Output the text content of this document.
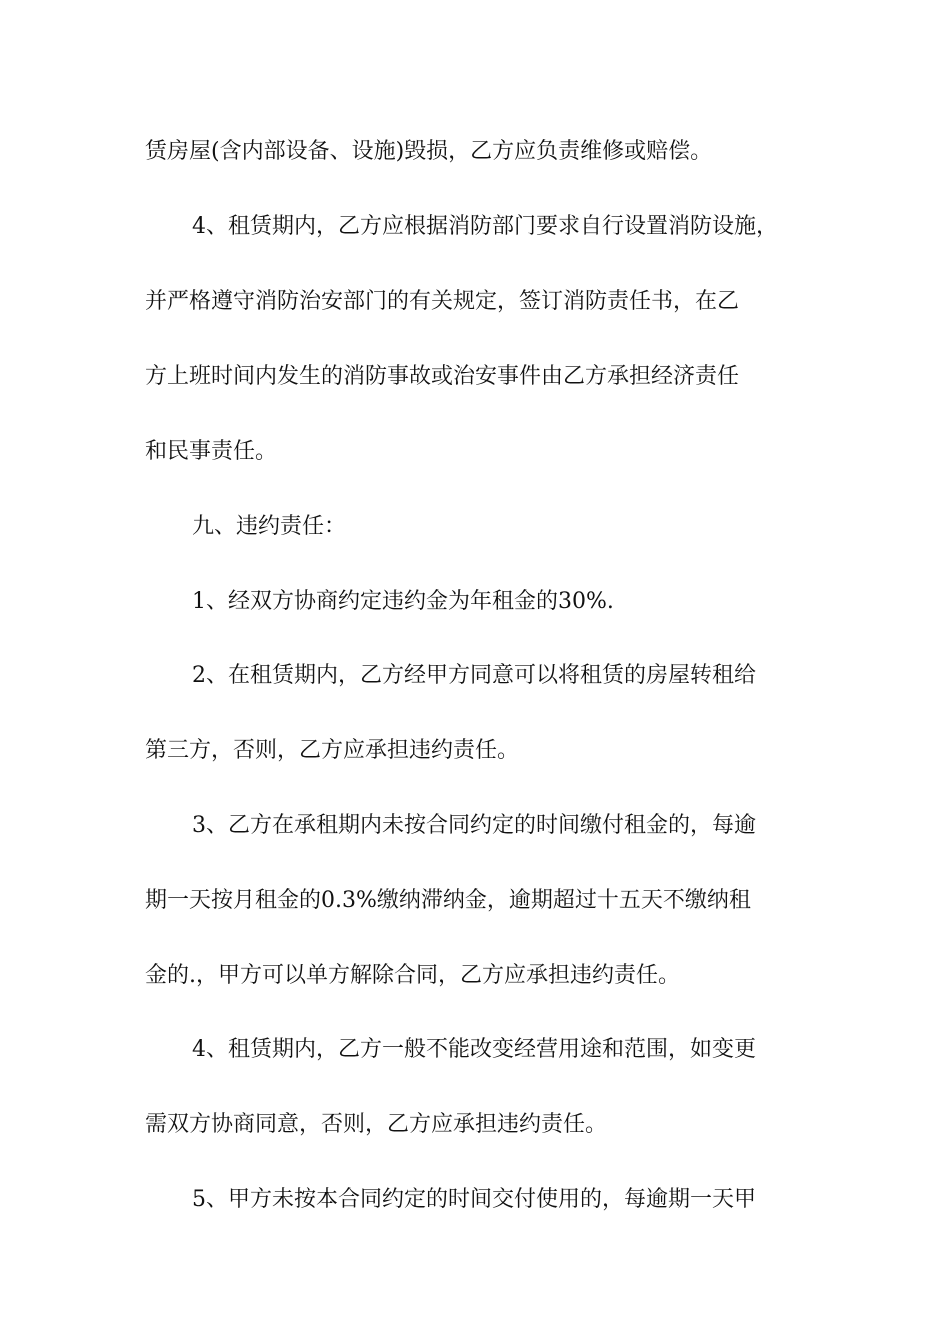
赁房屋(含内部设备、设施)毁损，乙方应负责维修或赔偿。
4、租赁期内，乙方应根据消防部门要求自行设置消防设施，
并严格遵守消防治安部门的有关规定，签订消防责任书，在乙
方上班时间内发生的消防事故或治安事件由乙方承担经济责任
和民事责任。
九、违约责任：
1、经双方协商约定违约金为年租金的30%.
2、在租赁期内，乙方经甲方同意可以将租赁的房屋转租给
第三方，否则，乙方应承担违约责任。
3、乙方在承租期内未按合同约定的时间缴付租金的，每逾
期一天按月租金的0.3%缴纳滞纳金，逾期超过十五天不缴纳租
金的.，甲方可以单方解除合同，乙方应承担违约责任。
4、租赁期内，乙方一般不能改变经营用途和范围，如变更
需双方协商同意，否则，乙方应承担违约责任。
5、甲方未按本合同约定的时间交付使用的，每逾期一天甲
